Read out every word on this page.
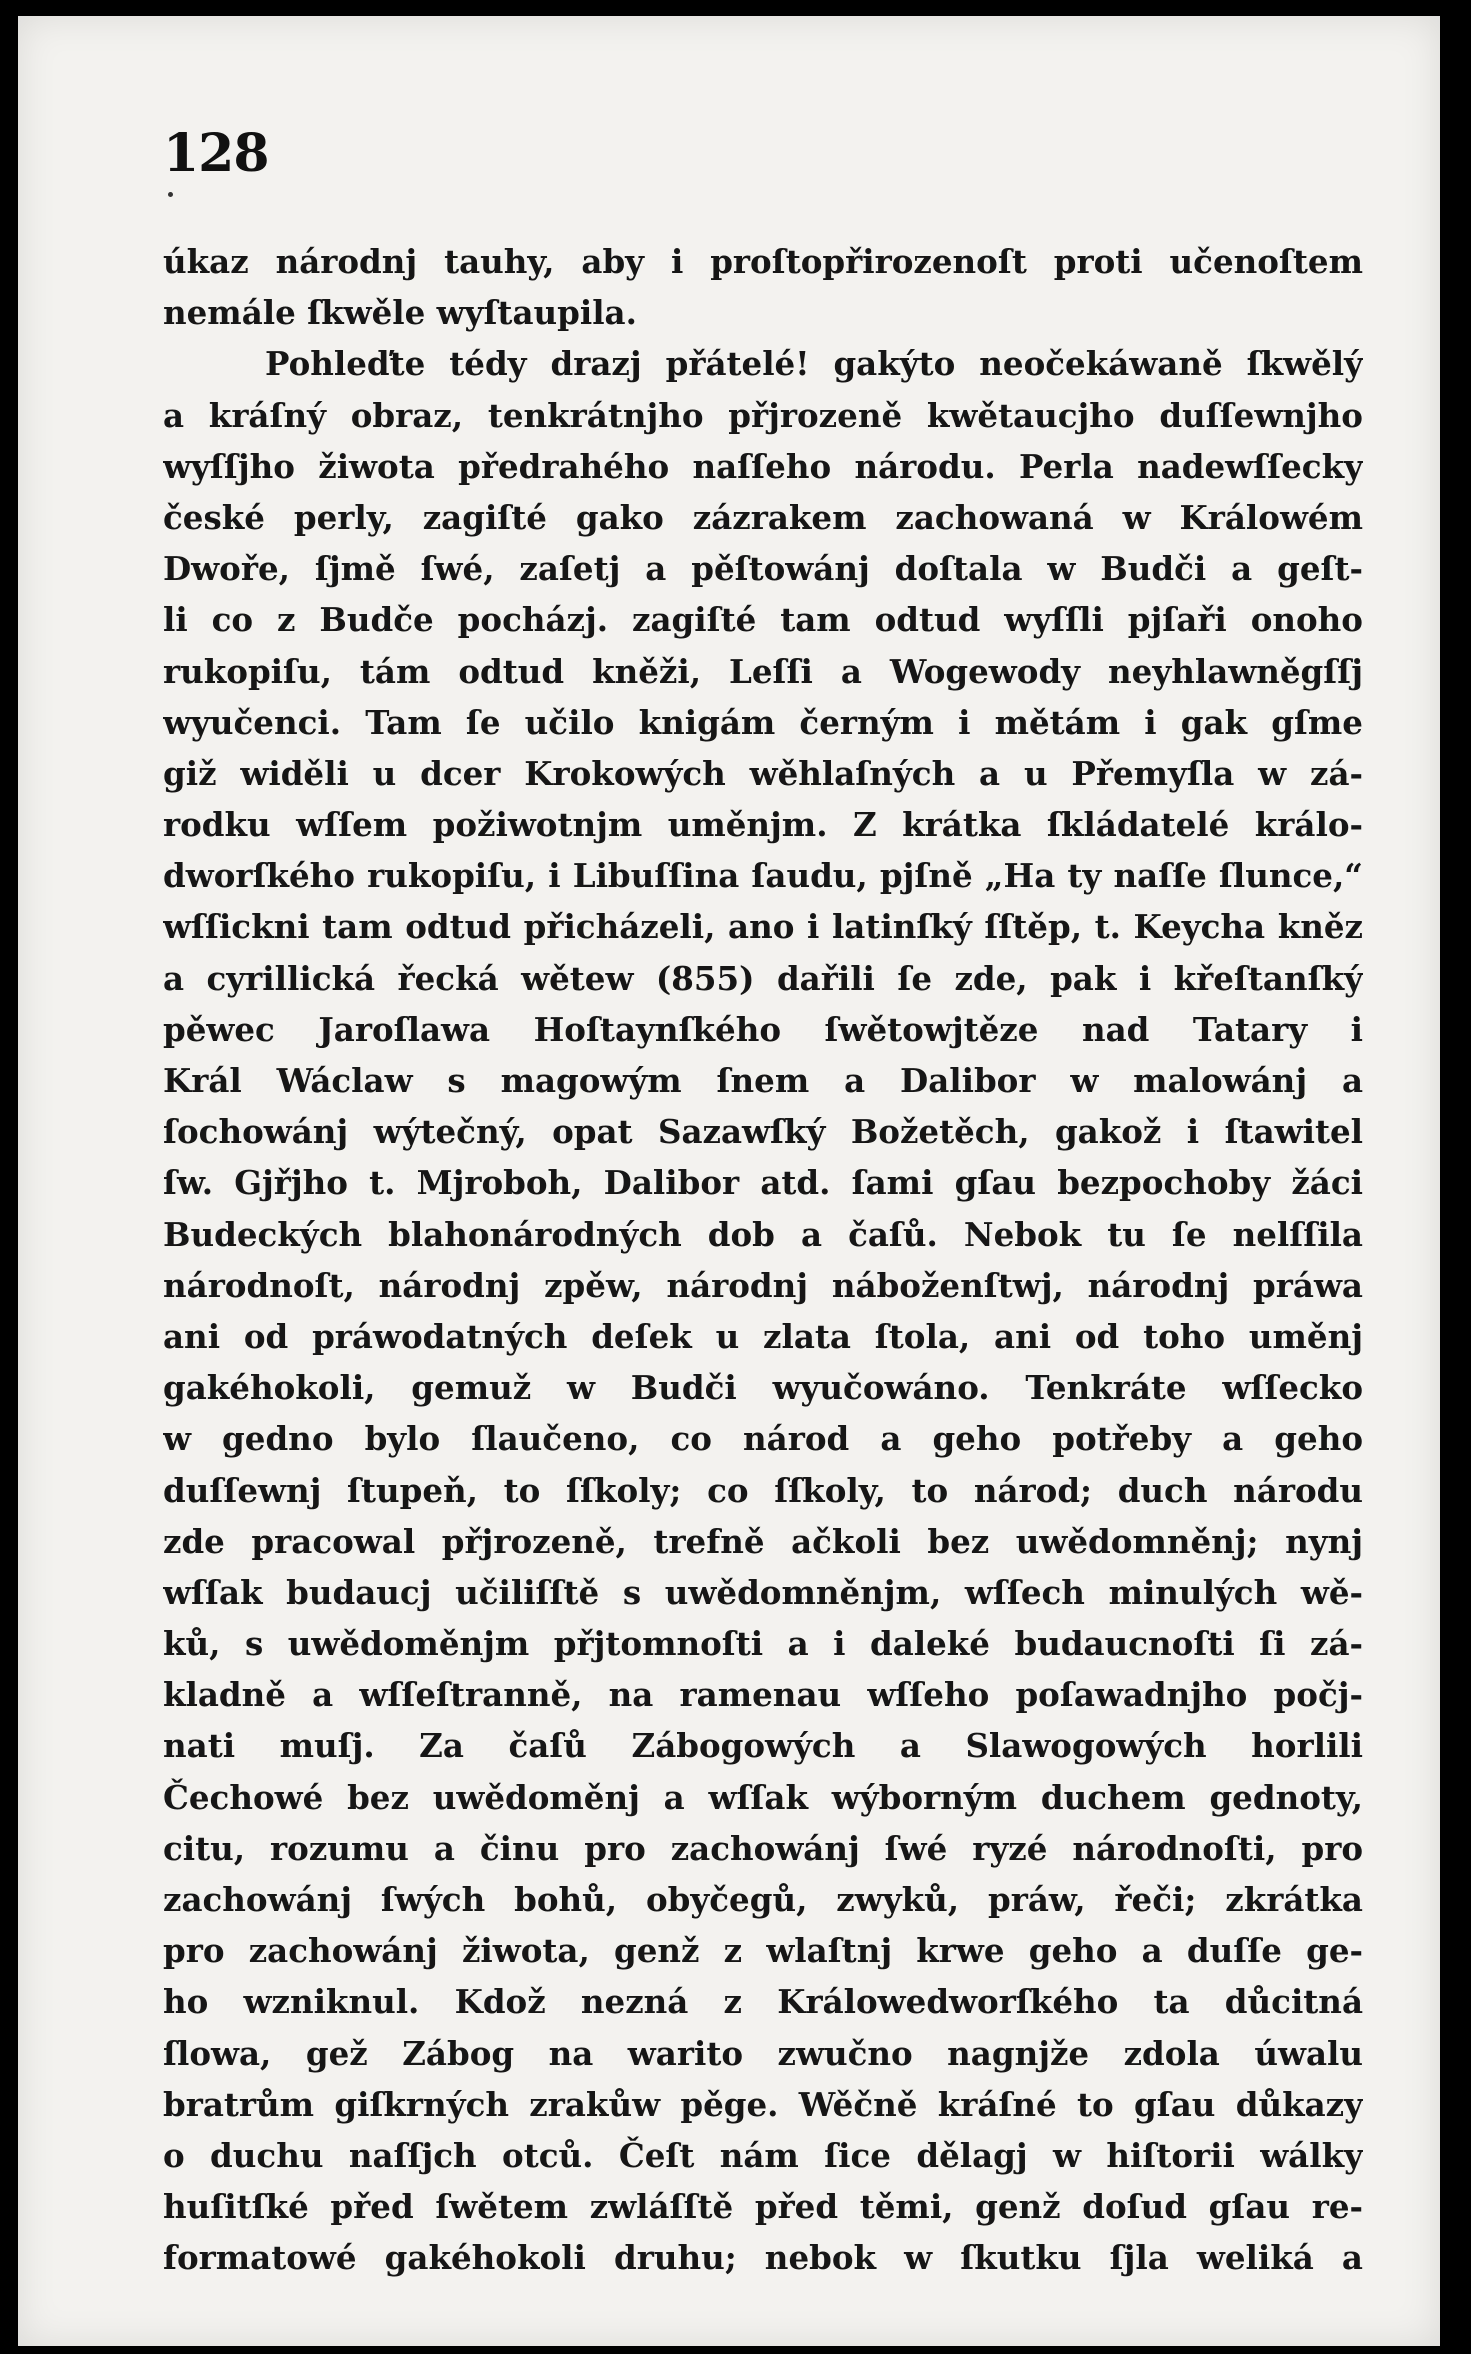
128
úkaz národnj tauhy, aby i proſtopřirozenoſt proti učenoſtem
nemále ſkwěle wyſtaupila.
Pohleďte tédy drazj přátelé! gakýto neočekáwaně ſkwělý
a kráſný obraz, tenkrátnjho přjrozeně kwětaucjho duſſewnjho
wyſſjho žiwota předrahého naſſeho národu. Perla nadewſſecky
české perly, zagiſté gako zázrakem zachowaná w Králowém
Dwoře, ſjmě ſwé, zaſetj a pěſtowánj doſtala w Budči a geſt-
li co z Budče pocházj. zagiſté tam odtud wyſſli pjſaři onoho
rukopiſu, tám odtud kněži, Leſſi a Wogewody neyhlawněgſſj
wyučenci. Tam ſe učilo knigám černým i mětám i gak gſme
giž widěli u dcer Krokowých wěhlaſných a u Přemyſla w zá-
rodku wſſem požiwotnjm uměnjm. Z krátka ſkládatelé králo-
dworſkého rukopiſu, i Libuſſina ſaudu, pjſně „Ha ty naſſe ſlunce,“
wſſickni tam odtud přicházeli, ano i latinſký ſſtěp, t. Keycha kněz
a cyrillická řecká wětew (855) dařili ſe zde, pak i křeſtanſký
pěwec Jaroſlawa Hoſtaynſkého ſwětowjtěze nad Tatary i
Král Wáclaw s magowým ſnem a Dalibor w malowánj a
ſochowánj wýtečný, opat Sazawſký Božetěch, gakož i ſtawitel
ſw. Gjřjho t. Mjroboh, Dalibor atd. ſami gſau bezpochoby žáci
Budeckých blahonárodných dob a čaſů. Nebok tu ſe nelſſila
národnoſt, národnj zpěw, národnj náboženſtwj, národnj práwa
ani od práwodatných deſek u zlata ſtola, ani od toho uměnj
gakéhokoli, gemuž w Budči wyučowáno. Tenkráte wſſecko
w gedno bylo ſlaučeno, co národ a geho potřeby a geho
duſſewnj ſtupeň, to ſſkoly; co ſſkoly, to národ; duch národu
zde pracowal přjrozeně, trefně ačkoli bez uwědomněnj; nynj
wſſak budaucj učiliſſtě s uwědomněnjm, wſſech minulých wě-
ků, s uwědoměnjm přjtomnoſti a i daleké budaucnoſti ſi zá-
kladně a wſſeſtranně, na ramenau wſſeho poſawadnjho počj-
nati muſj. Za čaſů Zábogowých a Slawogowých horlili
Čechowé bez uwědoměnj a wſſak wýborným duchem gednoty,
citu, rozumu a činu pro zachowánj ſwé ryzé národnoſti, pro
zachowánj ſwých bohů, obyčegů, zwyků, práw, řeči; zkrátka
pro zachowánj žiwota, genž z wlaſtnj krwe geho a duſſe ge-
ho wzniknul. Kdož nezná z Králowedworſkého ta důcitná
ſlowa, gež Zábog na warito zwučno nagnjže zdola úwalu
bratrům giſkrných zrakůw pěge. Wěčně kráſné to gſau důkazy
o duchu naſſjch otců. Čeſt nám ſice dělagj w hiſtorii wálky
huſitſké před ſwětem zwláſſtě před těmi, genž doſud gſau re-
formatowé gakéhokoli druhu; nebok w ſkutku ſjla weliká a
